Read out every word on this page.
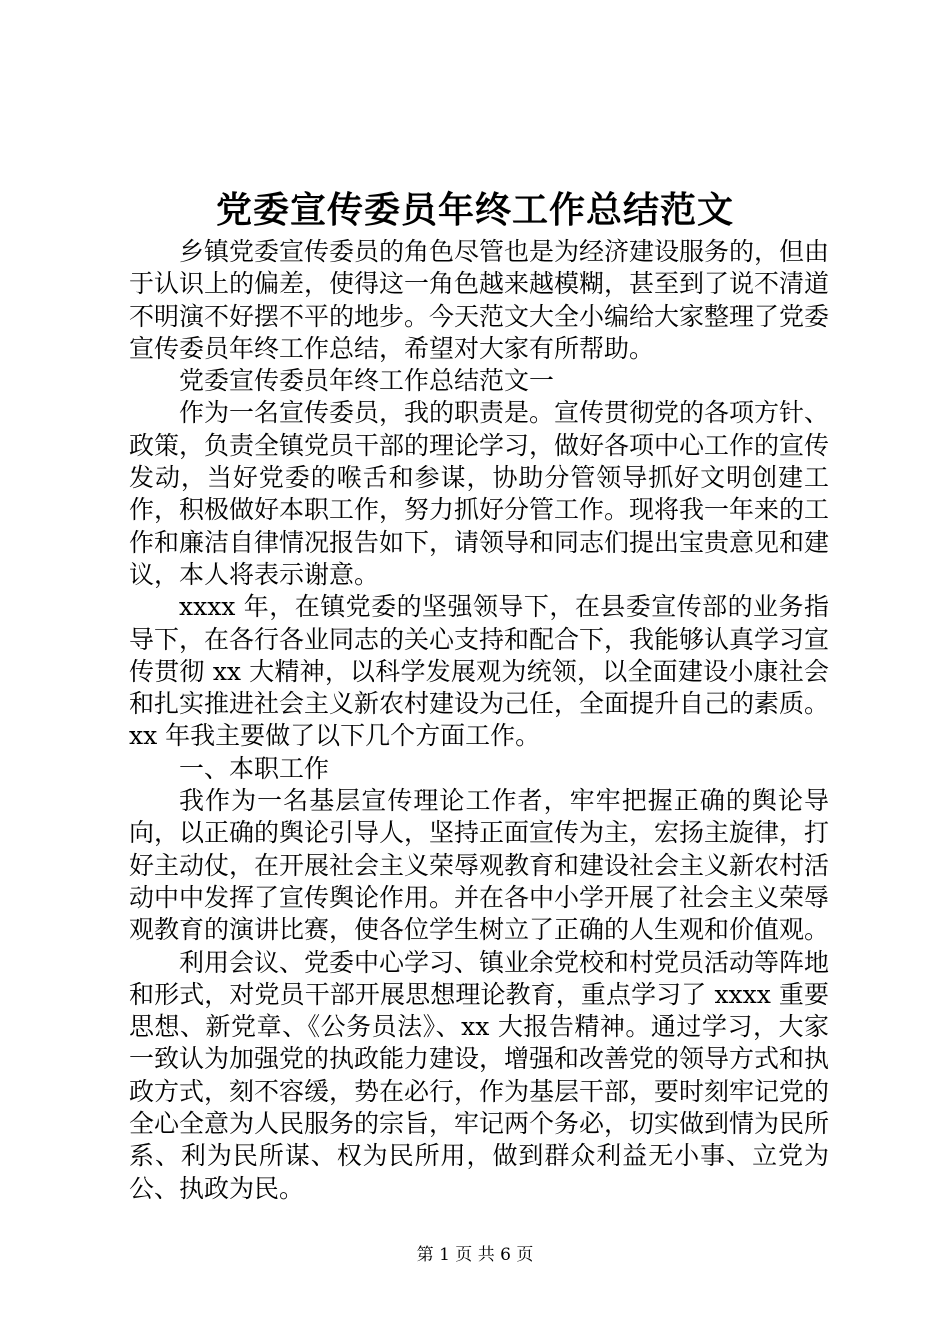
党委宣传委员年终工作总结范文

乡镇党委宣传委员的角色尽管也是为经济建设服务的，但由于认识上的偏差，使得这一角色越来越模糊，甚至到了说不清道不明演不好摆不平的地步。今天范文大全小编给大家整理了党委宣传委员年终工作总结，希望对大家有所帮助。

党委宣传委员年终工作总结范文一

作为一名宣传委员，我的职责是。宣传贯彻党的各项方针、政策，负责全镇党员干部的理论学习，做好各项中心工作的宣传发动，当好党委的喉舌和参谋，协助分管领导抓好文明创建工作，积极做好本职工作，努力抓好分管工作。现将我一年来的工作和廉洁自律情况报告如下，请领导和同志们提出宝贵意见和建议，本人将表示谢意。

xxxx 年，在镇党委的坚强领导下，在县委宣传部的业务指导下，在各行各业同志的关心支持和配合下，我能够认真学习宣传贯彻 xx 大精神，以科学发展观为统领，以全面建设小康社会和扎实推进社会主义新农村建设为己任，全面提升自己的素质。xx 年我主要做了以下几个方面工作。

一、本职工作

我作为一名基层宣传理论工作者，牢牢把握正确的舆论导向，以正确的舆论引导人，坚持正面宣传为主，宏扬主旋律，打好主动仗，在开展社会主义荣辱观教育和建设社会主义新农村活动中中发挥了宣传舆论作用。并在各中小学开展了社会主义荣辱观教育的演讲比赛，使各位学生树立了正确的人生观和价值观。

利用会议、党委中心学习、镇业余党校和村党员活动等阵地和形式，对党员干部开展思想理论教育，重点学习了 xxxx 重要思想、新党章、《公务员法》、xx 大报告精神。通过学习，大家一致认为加强党的执政能力建设，增强和改善党的领导方式和执政方式，刻不容缓，势在必行，作为基层干部，要时刻牢记党的全心全意为人民服务的宗旨，牢记两个务必，切实做到情为民所系、利为民所谋、权为民所用，做到群众利益无小事、立党为公、执政为民。

第 1 页 共 6 页
